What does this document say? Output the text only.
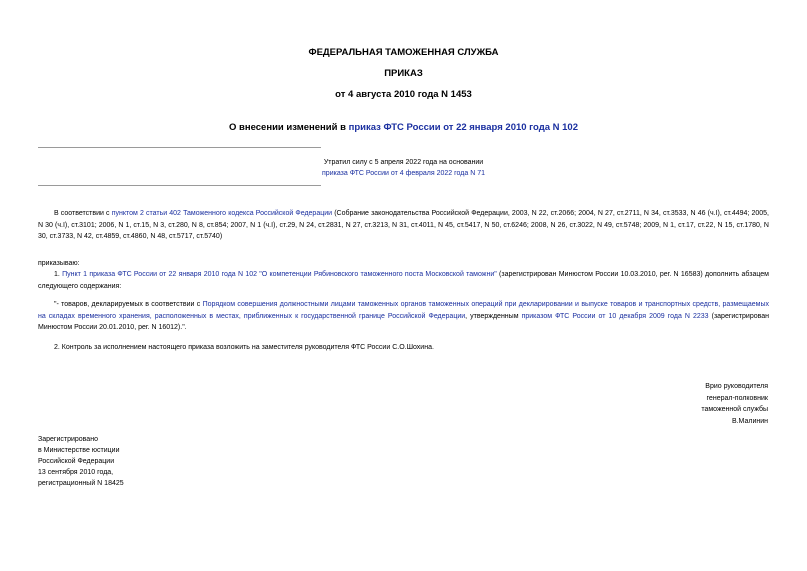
ФЕДЕРАЛЬНАЯ ТАМОЖЕННАЯ СЛУЖБА
ПРИКАЗ
от 4 августа 2010 года N 1453
О внесении изменений в приказ ФТС России от 22 января 2010 года N 102
Утратил силу с 5 апреля 2022 года на основании
приказа ФТС России от 4 февраля 2022 года N 71
В соответствии с пунктом 2 статьи 402 Таможенного кодекса Российской Федерации (Собрание законодательства Российской Федерации, 2003, N 22, ст.2066; 2004, N 27, ст.2711, N 34, ст.3533, N 46 (ч.I), ст.4494; 2005, N 30 (ч.I), ст.3101; 2006, N 1, ст.15, N 3, ст.280, N 8, ст.854; 2007, N 1 (ч.I), ст.29, N 24, ст.2831, N 27, ст.3213, N 31, ст.4011, N 45, ст.5417, N 50, ст.6246; 2008, N 26, ст.3022, N 49, ст.5748; 2009, N 1, ст.17, ст.22, N 15, ст.1780, N 30, ст.3733, N 42, ст.4859, ст.4860, N 48, ст.5717, ст.5740)
приказываю:
1. Пункт 1 приказа ФТС России от 22 января 2010 года N 102 "О компетенции Рябиновского таможенного поста Московской таможни" (зарегистрирован Минюстом России 10.03.2010, рег. N 16583) дополнить абзацем следующего содержания:
"- товаров, декларируемых в соответствии с Порядком совершения должностными лицами таможенных органов таможенных операций при декларировании и выпуске товаров и транспортных средств, размещаемых на складах временного хранения, расположенных в местах, приближенных к государственной границе Российской Федерации, утвержденным приказом ФТС России от 10 декабря 2009 года N 2233 (зарегистрирован Минюстом России 20.01.2010, рег. N 16012).".
2. Контроль за исполнением настоящего приказа возложить на заместителя руководителя ФТС России С.О.Шохина.
Врио руководителя
генерал-полковник
таможенной службы
В.Малинин
Зарегистрировано
в Министерстве юстиции
Российской Федерации
13 сентября 2010 года,
регистрационный N 18425
